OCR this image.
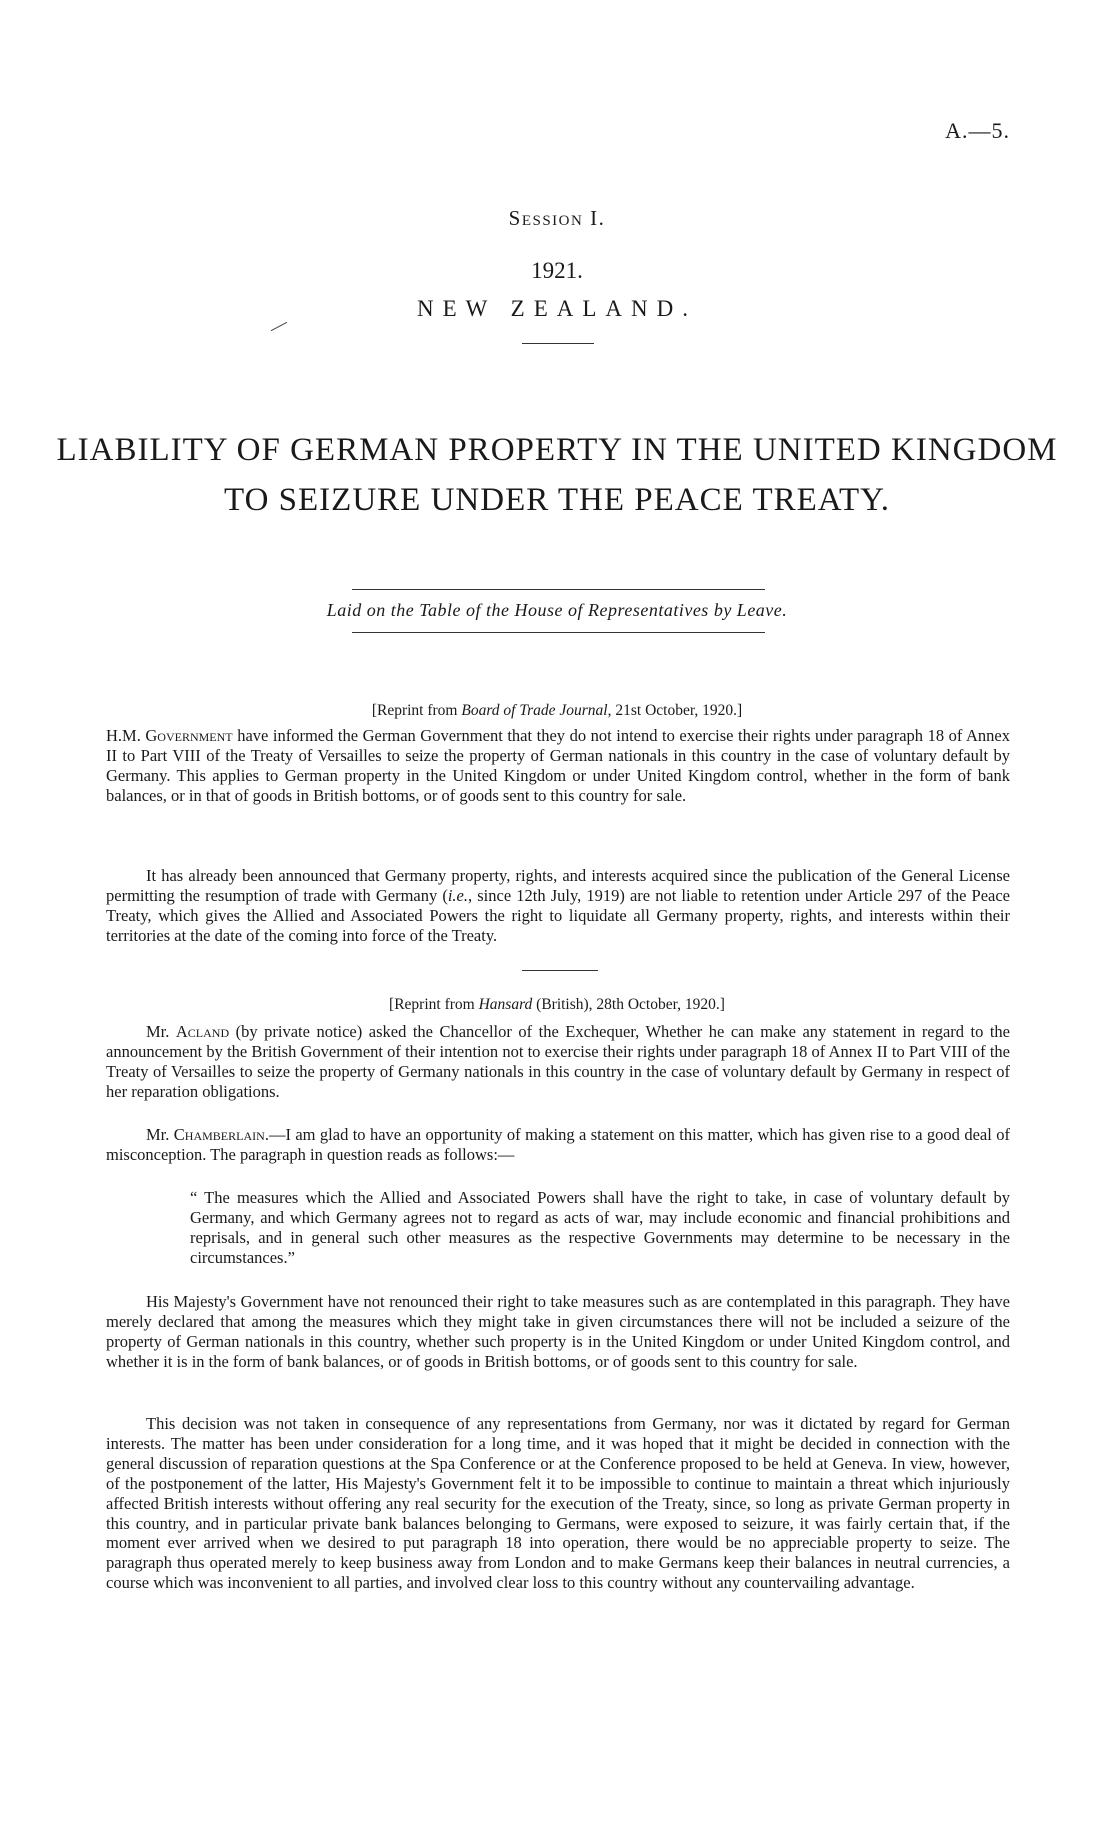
A.—5.
Session I.
1921.
NEW ZEALAND.
LIABILITY OF GERMAN PROPERTY IN THE UNITED KINGDOM
TO SEIZURE UNDER THE PEACE TREATY.
Laid on the Table of the House of Representatives by Leave.
[Reprint from Board of Trade Journal, 21st October, 1920.]

H.M. Government have informed the German Government that they do not intend to exercise their rights under paragraph 18 of Annex II to Part VIII of the Treaty of Versailles to seize the property of German nationals in this country in the case of voluntary default by Germany. This applies to German property in the United Kingdom or under United Kingdom control, whether in the form of bank balances, or in that of goods in British bottoms, or of goods sent to this country for sale.

It has already been announced that Germany property, rights, and interests acquired since the publication of the General License permitting the resumption of trade with Germany (i.e., since 12th July, 1919) are not liable to retention under Article 297 of the Peace Treaty, which gives the Allied and Associated Powers the right to liquidate all Germany property, rights, and interests within their territories at the date of the coming into force of the Treaty.

[Reprint from Hansard (British), 28th October, 1920.]

Mr. Acland (by private notice) asked the Chancellor of the Exchequer, Whether he can make any statement in regard to the announcement by the British Government of their intention not to exercise their rights under paragraph 18 of Annex II to Part VIII of the Treaty of Versailles to seize the property of Germany nationals in this country in the case of voluntary default by Germany in respect of her reparation obligations.

Mr. Chamberlain.—I am glad to have an opportunity of making a statement on this matter, which has given rise to a good deal of misconception. The paragraph in question reads as follows:—

“ The measures which the Allied and Associated Powers shall have the right to take, in case of voluntary default by Germany, and which Germany agrees not to regard as acts of war, may include economic and financial prohibitions and reprisals, and in general such other measures as the respective Governments may determine to be necessary in the circumstances.”

His Majesty's Government have not renounced their right to take measures such as are contemplated in this paragraph. They have merely declared that among the measures which they might take in given circumstances there will not be included a seizure of the property of German nationals in this country, whether such property is in the United Kingdom or under United Kingdom control, and whether it is in the form of bank balances, or of goods in British bottoms, or of goods sent to this country for sale.

This decision was not taken in consequence of any representations from Germany, nor was it dictated by regard for German interests. The matter has been under consideration for a long time, and it was hoped that it might be decided in connection with the general discussion of reparation questions at the Spa Conference or at the Conference proposed to be held at Geneva. In view, however, of the postponement of the latter, His Majesty's Government felt it to be impossible to continue to maintain a threat which injuriously affected British interests without offering any real security for the execution of the Treaty, since, so long as private German property in this country, and in particular private bank balances belonging to Germans, were exposed to seizure, it was fairly certain that, if the moment ever arrived when we desired to put paragraph 18 into operation, there would be no appreciable property to seize. The paragraph thus operated merely to keep business away from London and to make Germans keep their balances in neutral currencies, a course which was inconvenient to all parties, and involved clear loss to this country without any countervailing advantage.
